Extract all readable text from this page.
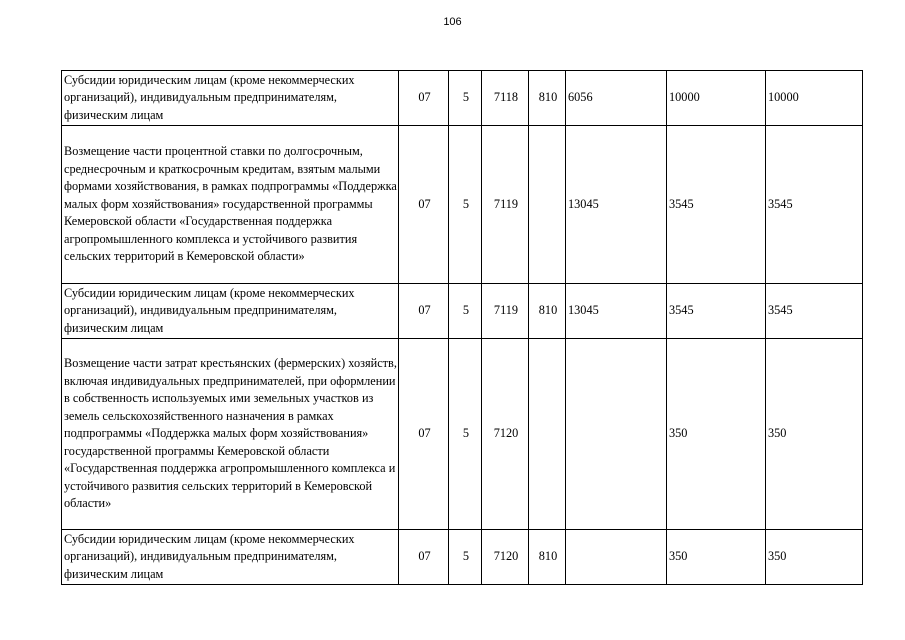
106
Субсидии юридическим лицам (кроме некоммерческих организаций), индивидуальным предпринимателям, физическим лицам	07	5	7118	810	6056	10000	10000
Возмещение части процентной ставки по долгосрочным, среднесрочным и краткосрочным кредитам, взятым малыми формами хозяйствования, в рамках подпрограммы «Поддержка малых форм хозяйствования» государственной программы Кемеровской области «Государственная поддержка агропромышленного комплекса и устойчивого развития сельских территорий в Кемеровской области»	07	5	7119		13045	3545	3545
Субсидии юридическим лицам (кроме некоммерческих организаций), индивидуальным предпринимателям, физическим лицам	07	5	7119	810	13045	3545	3545
Возмещение части затрат крестьянских (фермерских) хозяйств, включая индивидуальных предпринимателей, при оформлении в собственность используемых ими земельных участков из земель сельскохозяйственного назначения в рамках подпрограммы «Поддержка малых форм хозяйствования» государственной программы Кемеровской области «Государственная поддержка агропромышленного комплекса и устойчивого развития сельских территорий в Кемеровской области»	07	5	7120			350	350
Субсидии юридическим лицам (кроме некоммерческих организаций), индивидуальным предпринимателям, физическим лицам	07	5	7120	810		350	350
